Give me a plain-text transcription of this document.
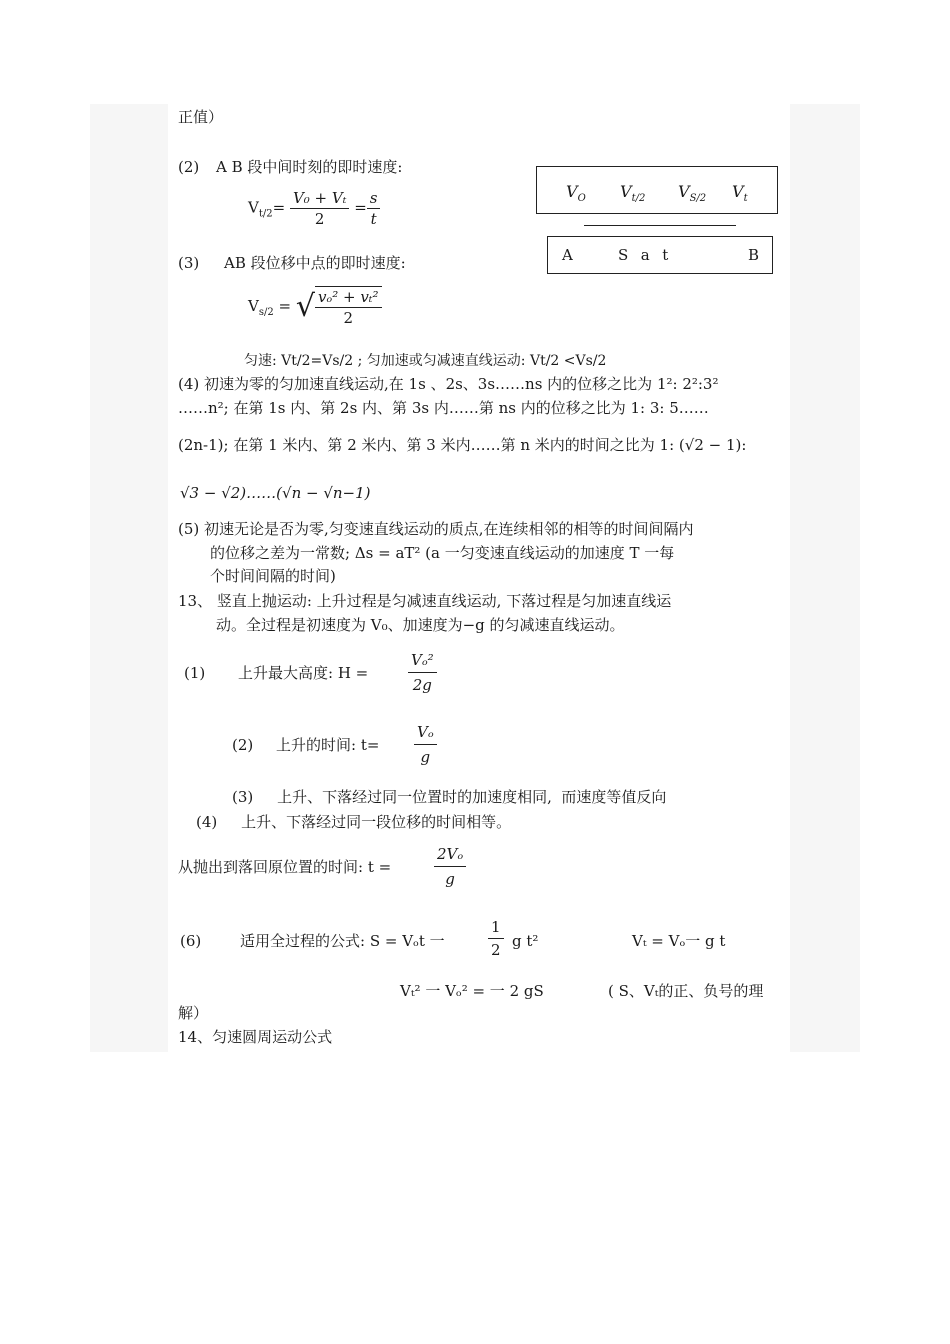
正值）
(2) A B 段中间时刻的即时速度:
$V_{t/2}= \frac{\text{V₀ + Vₜ}}{2} = \frac{s}{t}$	$V_O$ $V_{t/2}$ $V_{S/2}$ $V_t$
A	S  a  t	B
(3) AB 段位移中点的即时速度:
$V_{s/2}$ = √ $\frac{\text{vₒ² + vₜ²}}{2}$
匀速: Vt/2=Vs/2 ; 匀加速或匀减速直线运动: Vt/2 <Vs/2
(4) 初速为零的匀加速直线运动,在 1s 、2s、3s……ns 内的位移之比为 1²: 2²:3²
……n²; 在第 1s 内、第 2s 内、第 3s 内……第 ns 内的位移之比为 1: 3: 5……
(2n-1); 在第 1 米内、第 2 米内、第 3 米内……第 n 米内的时间之比为 1: (√2 − 1):
√3 − √2)……(√n − √n−1)
(5) 初速无论是否为零,匀变速直线运动的质点,在连续相邻的相等的时间间隔内
的位移之差为一常数; Δs = aT² (a 一匀变速直线运动的加速度 T 一每
个时间间隔的时间)
13、 竖直上抛运动: 上升过程是匀减速直线运动, 下落过程是匀加速直线运
动。全过程是初速度为 V₀、加速度为−g 的匀减速直线运动。
(1) 上升最大高度: H =	$\frac{\text{Vₒ²}}{2g}$
(2) 上升的时间: $t= \frac{\text{Vₒ}}{g}$
(3)     上升、下落经过同一位置时的加速度相同,  而速度等值反向
(4)     上升、下落经过同一段位移的时间相等。
从抛出到落回原位置的时间: t =	$\frac{\text{2Vₒ}}{g}$
(6)	适用全过程的公式: S = Vₒt 一	$\frac{1}{2}$ g t²	Vₜ = Vₒ一 g t
Vₜ² 一 Vₒ² = 一 2 gS	( S、Vₜ的正、负号的理
解）
14、匀速圆周运动公式
